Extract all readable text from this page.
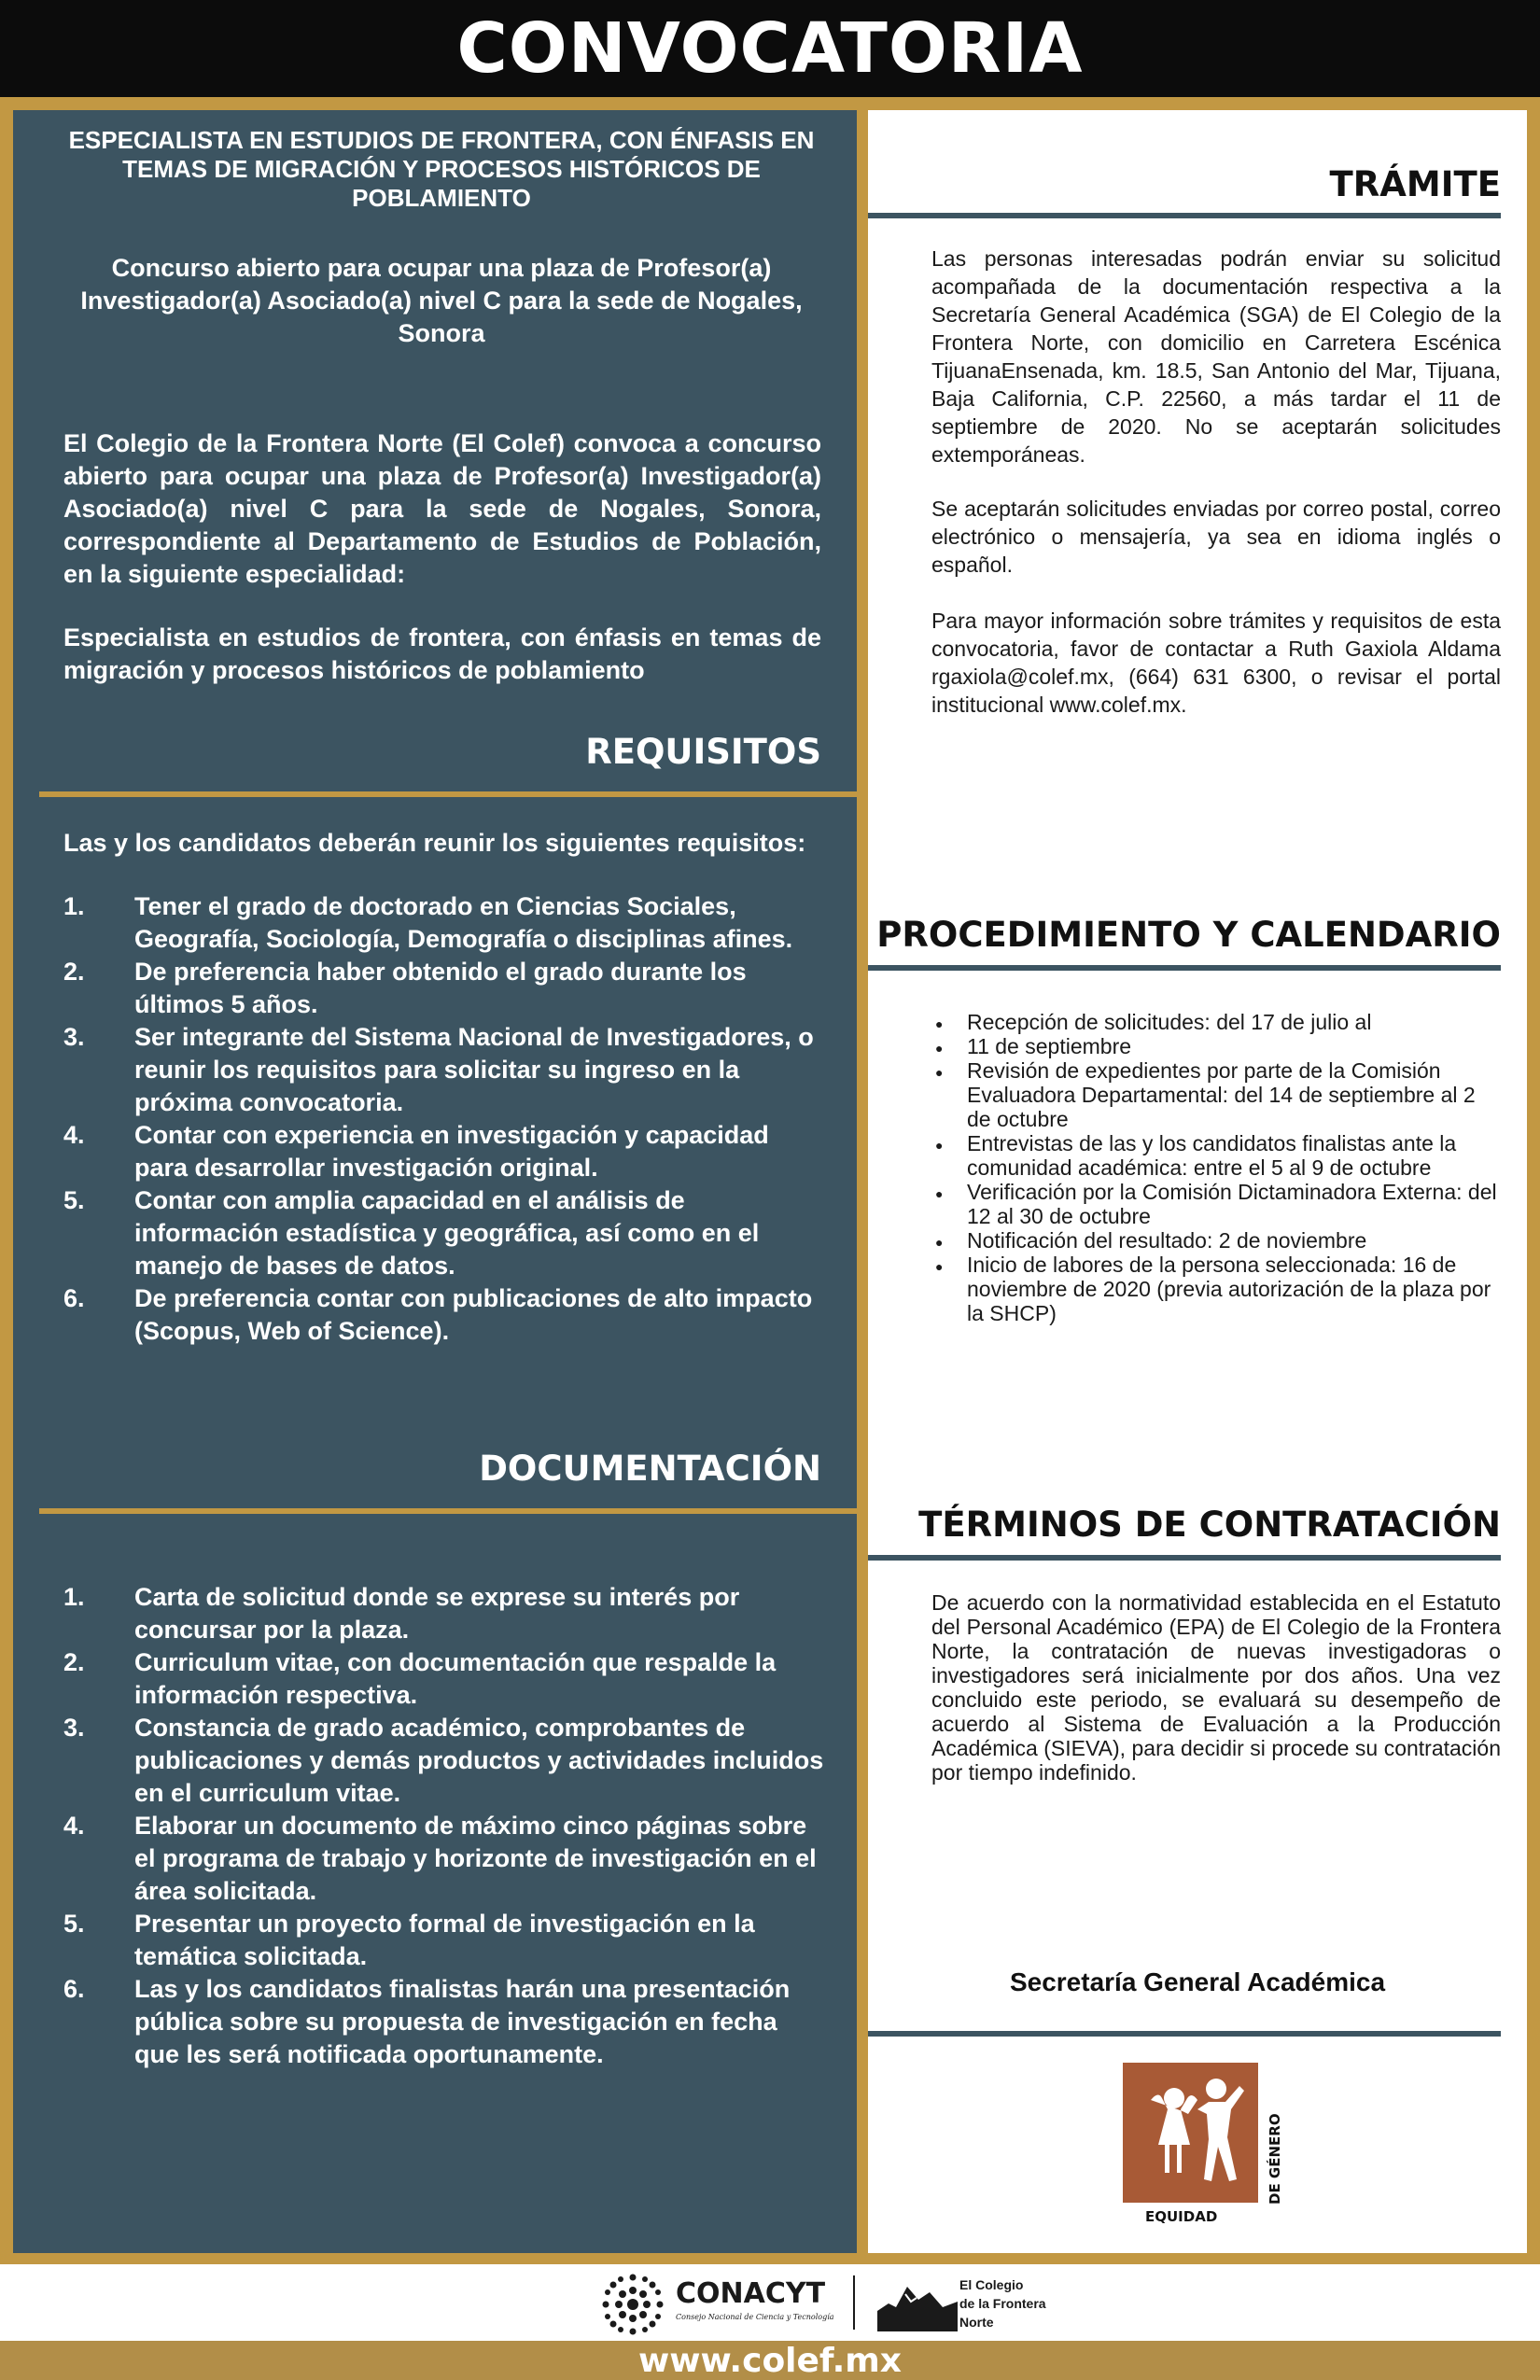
CONVOCATORIA
ESPECIALISTA EN ESTUDIOS DE FRONTERA, CON ÉNFASIS EN TEMAS DE MIGRACIÓN Y PROCESOS HISTÓRICOS DE POBLAMIENTO
Concurso abierto para ocupar una plaza de Profesor(a) Investigador(a) Asociado(a) nivel C para la sede de Nogales, Sonora
El Colegio de la Frontera Norte (El Colef) convoca a concurso abierto para ocupar una plaza de Profesor(a) Investigador(a) Asociado(a) nivel C para la sede de Nogales, Sonora, correspondiente al Departamento de Estudios de Población, en la siguiente especialidad:
Especialista en estudios de frontera, con énfasis en temas de migración y procesos históricos de poblamiento
REQUISITOS
Las y los candidatos deberán reunir los siguientes requisitos:
1. Tener el grado de doctorado en Ciencias Sociales, Geografía, Sociología, Demografía o disciplinas afines.
2. De preferencia haber obtenido el grado durante los últimos 5 años.
3. Ser integrante del Sistema Nacional de Investigadores, o reunir los requisitos para solicitar su ingreso en la próxima convocatoria.
4. Contar con experiencia en investigación y capacidad para desarrollar investigación original.
5. Contar con amplia capacidad en el análisis de información estadística y geográfica, así como en el manejo de bases de datos.
6. De preferencia contar con publicaciones de alto impacto (Scopus, Web of Science).
DOCUMENTACIÓN
1. Carta de solicitud donde se exprese su interés por concursar por la plaza.
2. Curriculum vitae, con documentación que respalde la información respectiva.
3. Constancia de grado académico, comprobantes de publicaciones y demás productos y actividades incluidos en el curriculum vitae.
4. Elaborar un documento de máximo cinco páginas sobre el programa de trabajo y horizonte de investigación en el área solicitada.
5. Presentar un proyecto formal de investigación en la temática solicitada.
6. Las y los candidatos finalistas harán una presentación pública sobre su propuesta de investigación en fecha que les será notificada oportunamente.
TRÁMITE
Las personas interesadas podrán enviar su solicitud acompañada de la documentación respectiva a la Secretaría General Académica (SGA) de El Colegio de la Frontera Norte, con domicilio en Carretera Escénica TijuanaEnsenada, km. 18.5, San Antonio del Mar, Tijuana, Baja California, C.P. 22560, a más tardar el 11 de septiembre de 2020. No se aceptarán solicitudes extemporáneas.
Se aceptarán solicitudes enviadas por correo postal, correo electrónico o mensajería, ya sea en idioma inglés o español.
Para mayor información sobre trámites y requisitos de esta convocatoria, favor de contactar a Ruth Gaxiola Aldama rgaxiola@colef.mx, (664) 631 6300, o revisar el portal institucional www.colef.mx.
PROCEDIMIENTO Y CALENDARIO
● Recepción de solicitudes: del 17 de julio al
● 11 de septiembre
● Revisión de expedientes por parte de la Comisión Evaluadora Departamental: del 14 de septiembre al 2 de octubre
● Entrevistas de las y los candidatos finalistas ante la comunidad académica: entre el 5 al 9 de octubre
● Verificación por la Comisión Dictaminadora Externa: del 12 al 30 de octubre
● Notificación del resultado: 2 de noviembre
● Inicio de labores de la persona seleccionada: 16 de noviembre de 2020 (previa autorización de la plaza por la SHCP)
TÉRMINOS DE CONTRATACIÓN
De acuerdo con la normatividad establecida en el Estatuto del Personal Académico (EPA) de El Colegio de la Frontera Norte, la contratación de nuevas investigadoras o investigadores será inicialmente por dos años. Una vez concluido este periodo, se evaluará su desempeño de acuerdo al Sistema de Evaluación a la Producción Académica (SIEVA), para decidir si procede su contratación por tiempo indefinido.
Secretaría General Académica
EQUIDAD
DE GÉNERO
CONACYT
Consejo Nacional de Ciencia y Tecnología
El Colegio
de la Frontera
Norte
www.colef.mx
